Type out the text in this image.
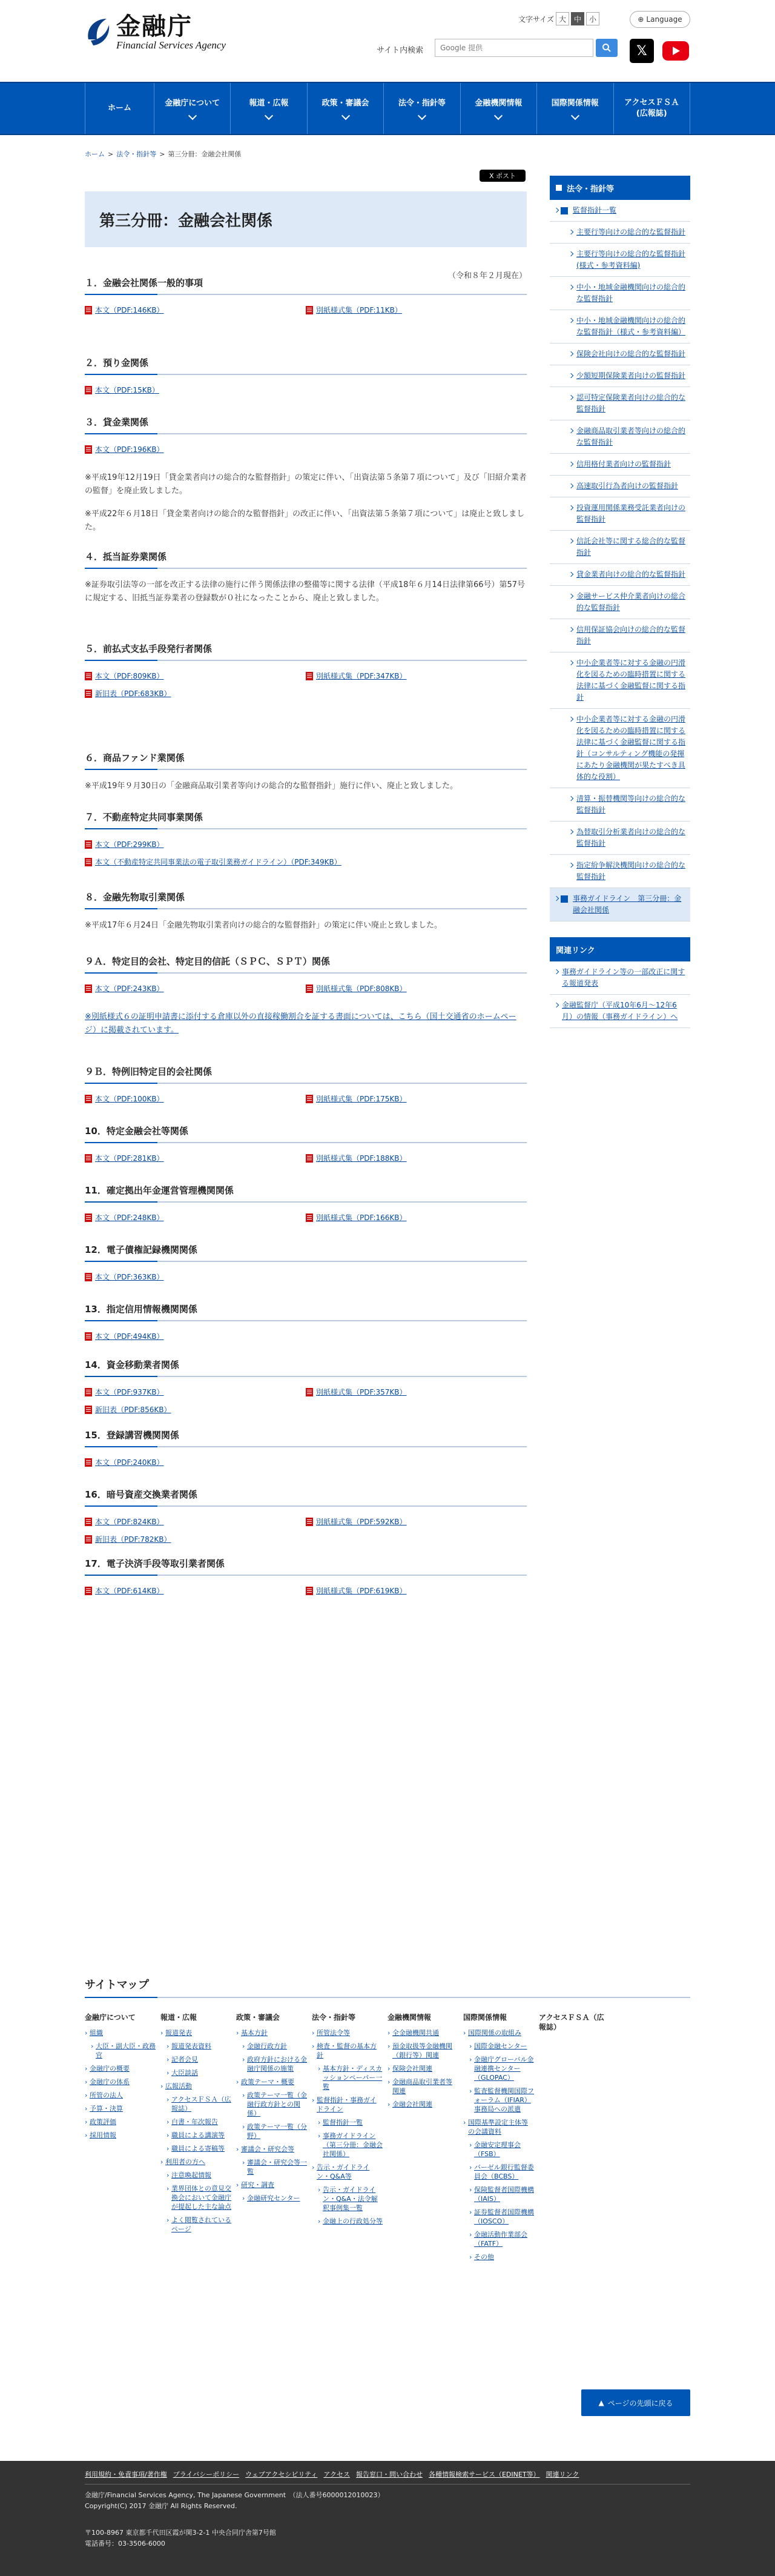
金融庁
Financial Services Agency
文字サイズ 大	中	小	⊕ Language
サイト内検索
Google 提供	𝕏
ホーム
金融庁について	報道・広報	政策・審議会	法令・指針等	金融機関情報	国際関係情報	アクセスＦＳＡ
(広報誌)
ホーム > 法令・指針等 > 第三分冊：金融会社関係
X ポスト
第三分冊：金融会社関係
（令和８年２月現在）
１．金融会社関係一般的事項
本文（PDF:146KB）	別紙様式集（PDF:11KB）
２．預り金関係
本文（PDF:15KB）
３．貸金業関係
本文（PDF:196KB）

※平成19年12月19日「貸金業者向けの総合的な監督指針」の策定に伴い、「出資法第５条第７項について」及び「旧紹介業者の監督」を廃止致しました。

※平成22年６月18日「貸金業者向けの総合的な監督指針」の改正に伴い、「出資法第５条第７項について」は廃止と致しました。

４．抵当証券業関係

※証券取引法等の一部を改正する法律の施行に伴う関係法律の整備等に関する法律（平成18年６月14日法律第66号）第57号に規定する、旧抵当証券業者の登録数が０社になったことから、廃止と致しました。

５．前払式支払手段発行者関係
本文（PDF:809KB）	別紙様式集（PDF:347KB）
新旧表（PDF:683KB）
６．商品ファンド業関係

※平成19年９月30日の「金融商品取引業者等向けの総合的な監督指針」施行に伴い、廃止と致しました。

７．不動産特定共同事業関係
本文（PDF:299KB）
本文（不動産特定共同事業法の電子取引業務ガイドライン）（PDF:349KB）
８．金融先物取引業関係

※平成17年６月24日「金融先物取引業者向けの総合的な監督指針」の策定に伴い廃止と致しました。

９Ａ．特定目的会社、特定目的信託（ＳＰＣ、ＳＰＴ）関係
本文（PDF:243KB）	別紙様式集（PDF:808KB）

※別紙様式６の証明申請書に添付する倉庫以外の直接稼働割合を証する書面については、こちら（国土交通省のホームページ）に掲載されています。

９Ｂ．特例旧特定目的会社関係
本文（PDF:100KB）	別紙様式集（PDF:175KB）
10．特定金融会社等関係
本文（PDF:281KB）	別紙様式集（PDF:188KB）
11．確定拠出年金運営管理機関関係
本文（PDF:248KB）	別紙様式集（PDF:166KB）
12．電子債権記録機関関係
本文（PDF:363KB）
13．指定信用情報機関関係
本文（PDF:494KB）
14．資金移動業者関係
本文（PDF:937KB）	別紙様式集（PDF:357KB）
新旧表（PDF:856KB）
15．登録講習機関関係
本文（PDF:240KB）
16．暗号資産交換業者関係
本文（PDF:824KB）	別紙様式集（PDF:592KB）
新旧表（PDF:782KB）
17．電子決済手段等取引業者関係
本文（PDF:614KB）	別紙様式集（PDF:619KB）
法令・指針等
監督指針一覧
主要行等向けの総合的な監督指針
主要行等向けの総合的な監督指針(様式・参考資料編)
中小・地域金融機関向けの総合的な監督指針
中小・地域金融機関向けの総合的な監督指針（様式・参考資料編）
保険会社向けの総合的な監督指針
少額短期保険業者向けの監督指針
認可特定保険業者向けの総合的な監督指針
金融商品取引業者等向けの総合的な監督指針
信用格付業者向けの監督指針
高速取引行為者向けの監督指針
投資運用関係業務受託業者向けの監督指針
信託会社等に関する総合的な監督指針
貸金業者向けの総合的な監督指針
金融サービス仲介業者向けの総合的な監督指針
信用保証協会向けの総合的な監督指針
中小企業者等に対する金融の円滑化を図るための臨時措置に関する法律に基づく金融監督に関する指針
中小企業者等に対する金融の円滑化を図るための臨時措置に関する法律に基づく金融監督に関する指針（コンサルティング機能の発揮にあたり金融機関が果たすべき具体的な役割）
清算・振替機関等向けの総合的な監督指針
為替取引分析業者向けの総合的な監督指針
指定紛争解決機関向けの総合的な監督指針
事務ガイドライン　第三分冊：金融会社関係
関連リンク
事務ガイドライン等の一部改正に関する報道発表
金融監督庁（平成10年6月～12年6月）の情報（事務ガイドライン）へ
サイトマップ
金融庁について
› 組織
› 大臣・副大臣・政務官
› 金融庁の概要
› 金融庁の体系
› 所管の法人
› 予算・決算
› 政策評価
› 採用情報
報道・広報
› 報道発表
› 報道発表資料
› 記者会見
› 大臣談話
› 広報活動
› アクセスＦＳＡ（広報誌）
› 白書・年次報告
› 職員による講演等
› 職員による寄稿等
› 利用者の方へ
› 注意喚起情報
› 業界団体との意見交換会において金融庁が提起した主な論点
› よく閲覧されているページ
政策・審議会
› 基本方針
› 金融行政方針
› 政府方針における金融庁関係の施策
› 政策テーマ・概要
› 政策テーマ一覧（金融行政方針との関係）
› 政策テーマ一覧（分野）
› 審議会・研究会等
› 審議会・研究会等一覧
› 研究・調査
› 金融研究センター
法令・指針等
› 所管法令等
› 検査・監督の基本方針
› 基本方針・ディスカッションペーパー一覧
› 監督指針・事務ガイドライン
› 監督指針一覧
› 事務ガイドライン（第三分冊：金融会社関係）
› 告示・ガイドライン・Q&A等
› 告示・ガイドライン・Q&A・法令解釈事例集一覧
› 金融上の行政処分等
金融機関情報
› 全金融機関共通
› 預金取扱等金融機関（銀行等）関連
› 保険会社関連
› 金融商品取引業者等関連
› 金融会社関連
国際関係情報
› 国際関係の取組み
› 国際金融センター
› 金融庁グローバル金融連携センター（GLOPAC）
› 監査監督機関国際フォーラム（IFIAR）事務局への派遣
› 国際基準設定主体等の会議資料
› 金融安定理事会（FSB）
› バーゼル銀行監督委員会（BCBS）
› 保険監督者国際機構（IAIS）
› 証券監督者国際機構（IOSCO）
› 金融活動作業部会（FATF）
› その他
アクセスＦＳＡ（広報誌）
▲ ページの先頭に戻る
利用規約・免責事項/著作権 プライバシーポリシー ウェブアクセシビリティ アクセス 報告窓口・問い合わせ 各種情報検索サービス（EDINET等） 関連リンク
金融庁/Financial Services Agency, The Japanese Government　（法人番号6000012010023）
Copyright(C) 2017 金融庁 All Rights Reserved.
〒100-8967 東京都千代田区霞が関3-2-1 中央合同庁舎第7号館
電話番号：03-3506-6000
